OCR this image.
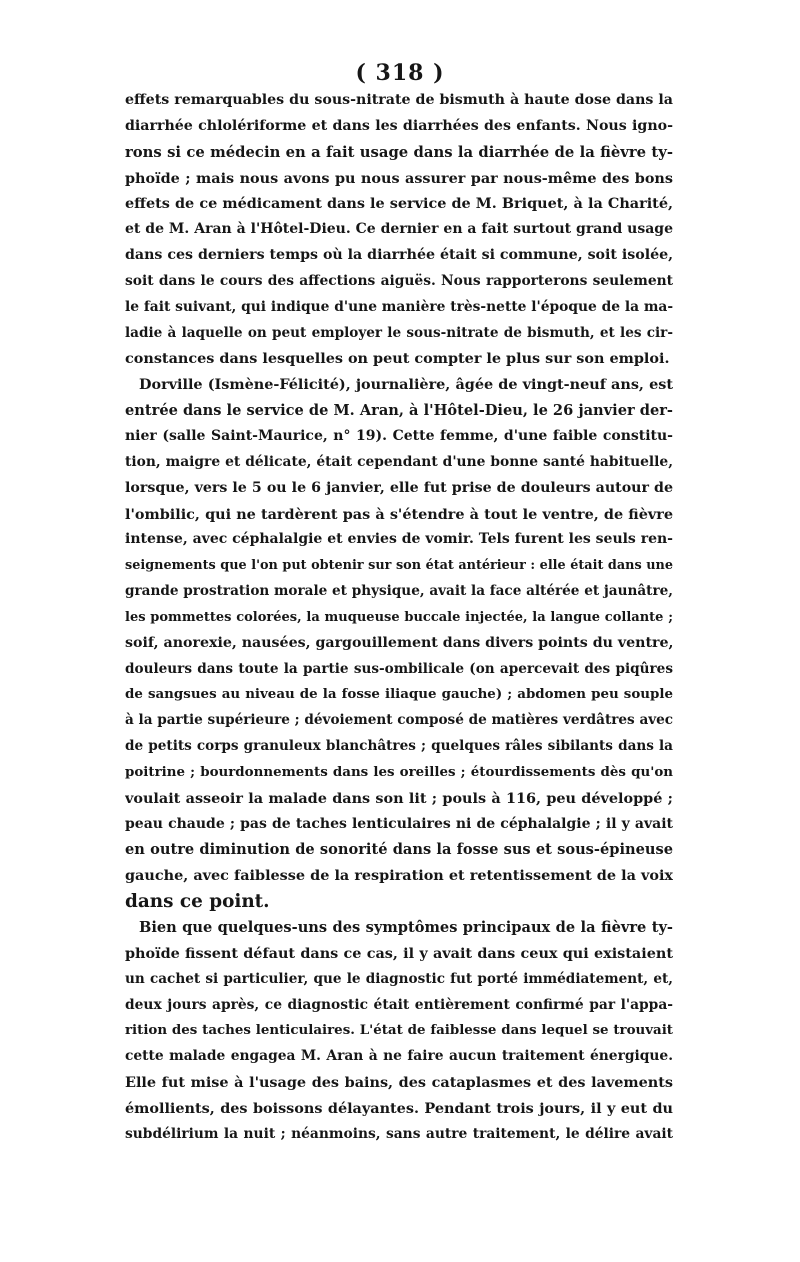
( 318 )

effets remarquables du sous-nitrate de bismuth à haute dose dans la
diarrhée chlolériforme et dans les diarrhées des enfants. Nous igno-
rons si ce médecin en a fait usage dans la diarrhée de la fièvre ty-
phoïde ; mais nous avons pu nous assurer par nous-même des bons
effets de ce médicament dans le service de M. Briquet, à la Charité,
et de M. Aran à l'Hôtel-Dieu. Ce dernier en a fait surtout grand usage
dans ces derniers temps où la diarrhée était si commune, soit isolée,
soit dans le cours des affections aiguës. Nous rapporterons seulement
le fait suivant, qui indique d'une manière très-nette l'époque de la ma-
ladie à laquelle on peut employer le sous-nitrate de bismuth, et les cir-
constances dans lesquelles on peut compter le plus sur son emploi.

Dorville (Ismène-Félicité), journalière, âgée de vingt-neuf ans, est
entrée dans le service de M. Aran, à l'Hôtel-Dieu, le 26 janvier der-
nier (salle Saint-Maurice, n° 19). Cette femme, d'une faible constitu-
tion, maigre et délicate, était cependant d'une bonne santé habituelle,
lorsque, vers le 5 ou le 6 janvier, elle fut prise de douleurs autour de
l'ombilic, qui ne tardèrent pas à s'étendre à tout le ventre, de fièvre
intense, avec céphalalgie et envies de vomir. Tels furent les seuls ren-
seignements que l'on put obtenir sur son état antérieur : elle était dans une
grande prostration morale et physique, avait la face altérée et jaunâtre,
les pommettes colorées, la muqueuse buccale injectée, la langue collante ;
soif, anorexie, nausées, gargouillement dans divers points du ventre,
douleurs dans toute la partie sus-ombilicale (on apercevait des piqûres
de sangsues au niveau de la fosse iliaque gauche) ; abdomen peu souple
à la partie supérieure ; dévoiement composé de matières verdâtres avec
de petits corps granuleux blanchâtres ; quelques râles sibilants dans la
poitrine ; bourdonnements dans les oreilles ; étourdissements dès qu'on
voulait asseoir la malade dans son lit ; pouls à 116, peu développé ;
peau chaude ; pas de taches lenticulaires ni de céphalalgie ; il y avait
en outre diminution de sonorité dans la fosse sus et sous-épineuse
gauche, avec faiblesse de la respiration et retentissement de la voix
dans ce point.

Bien que quelques-uns des symptômes principaux de la fièvre ty-
phoïde fissent défaut dans ce cas, il y avait dans ceux qui existaient
un cachet si particulier, que le diagnostic fut porté immédiatement, et,
deux jours après, ce diagnostic était entièrement confirmé par l'appa-
rition des taches lenticulaires. L'état de faiblesse dans lequel se trouvait
cette malade engagea M. Aran à ne faire aucun traitement énergique.
Elle fut mise à l'usage des bains, des cataplasmes et des lavements
émollients, des boissons délayantes. Pendant trois jours, il y eut du
subdélirium la nuit ; néanmoins, sans autre traitement, le délire avait
